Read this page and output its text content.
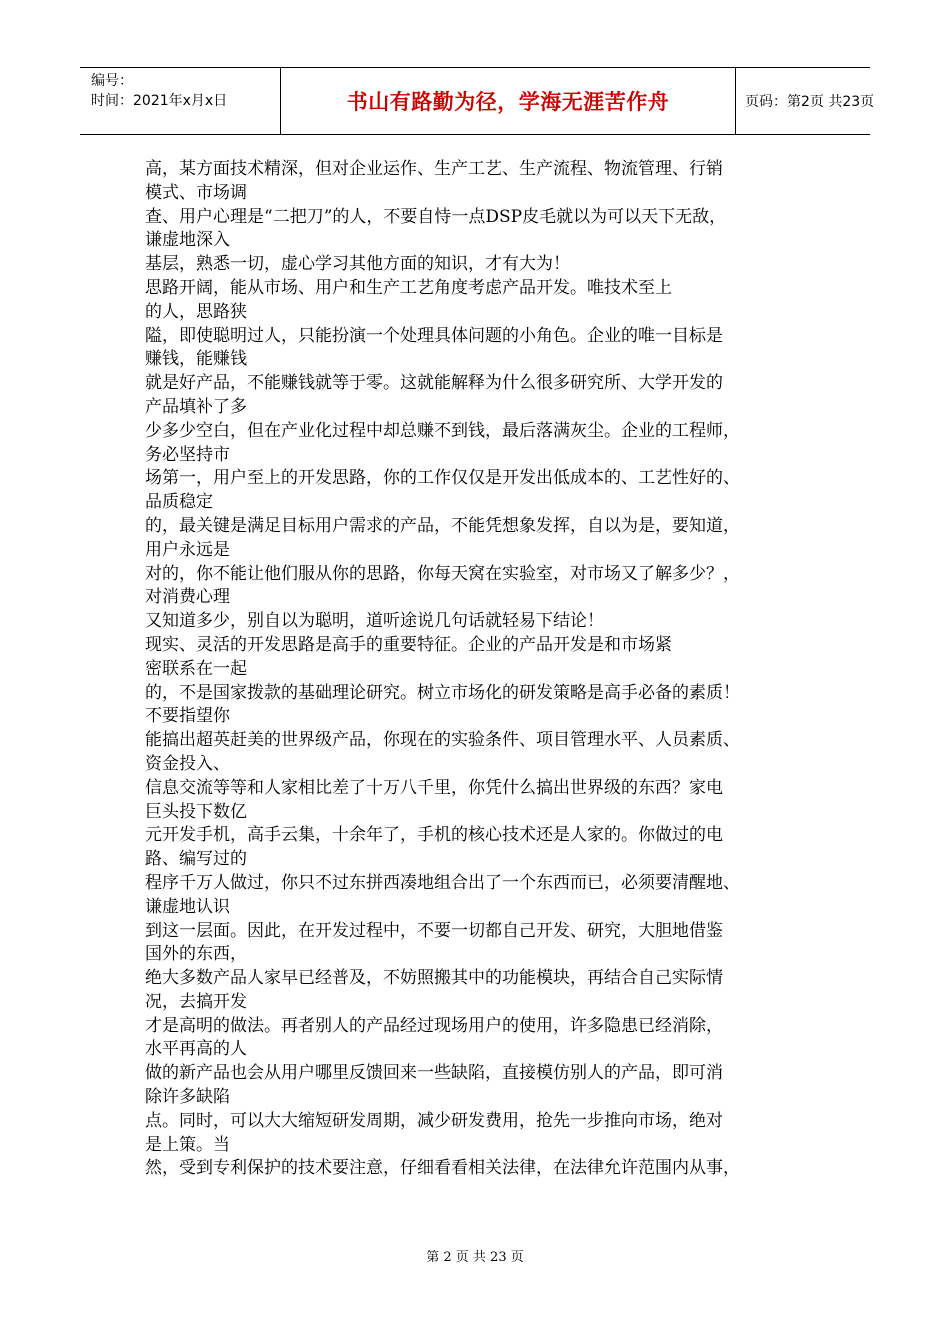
编号：
时间：2021年x月x日	书山有路勤为径，学海无涯苦作舟	页码：第2页 共23页
高，某方面技术精深，但对企业运作、生产工艺、生产流程、物流管理、行销
模式、市场调
查、用户心理是“二把刀”的人，不要自恃一点DSP皮毛就以为可以天下无敌，
谦虚地深入
基层，熟悉一切，虚心学习其他方面的知识，才有大为！
思路开阔，能从市场、用户和生产工艺角度考虑产品开发。唯技术至上
的人，思路狭
隘，即使聪明过人，只能扮演一个处理具体问题的小角色。企业的唯一目标是
赚钱，能赚钱
就是好产品，不能赚钱就等于零。这就能解释为什么很多研究所、大学开发的
产品填补了多
少多少空白，但在产业化过程中却总赚不到钱，最后落满灰尘。企业的工程师，
务必坚持市
场第一，用户至上的开发思路，你的工作仅仅是开发出低成本的、工艺性好的、
品质稳定
的，最关键是满足目标用户需求的产品，不能凭想象发挥，自以为是，要知道，
用户永远是
对的，你不能让他们服从你的思路，你每天窝在实验室，对市场又了解多少？，
对消费心理
又知道多少，别自以为聪明，道听途说几句话就轻易下结论！
现实、灵活的开发思路是高手的重要特征。企业的产品开发是和市场紧
密联系在一起
的，不是国家拨款的基础理论研究。树立市场化的研发策略是高手必备的素质！
不要指望你
能搞出超英赶美的世界级产品，你现在的实验条件、项目管理水平、人员素质、
资金投入、
信息交流等等和人家相比差了十万八千里，你凭什么搞出世界级的东西？家电
巨头投下数亿
元开发手机，高手云集，十余年了，手机的核心技术还是人家的。你做过的电
路、编写过的
程序千万人做过，你只不过东拼西凑地组合出了一个东西而已，必须要清醒地、
谦虚地认识
到这一层面。因此，在开发过程中，不要一切都自己开发、研究，大胆地借鉴
国外的东西，
绝大多数产品人家早已经普及，不妨照搬其中的功能模块，再结合自己实际情
况，去搞开发
才是高明的做法。再者别人的产品经过现场用户的使用，许多隐患已经消除，
水平再高的人
做的新产品也会从用户哪里反馈回来一些缺陷，直接模仿别人的产品，即可消
除许多缺陷
点。同时，可以大大缩短研发周期，减少研发费用，抢先一步推向市场，绝对
是上策。当
然，受到专利保护的技术要注意，仔细看看相关法律，在法律允许范围内从事，
第 2 页 共 23 页
